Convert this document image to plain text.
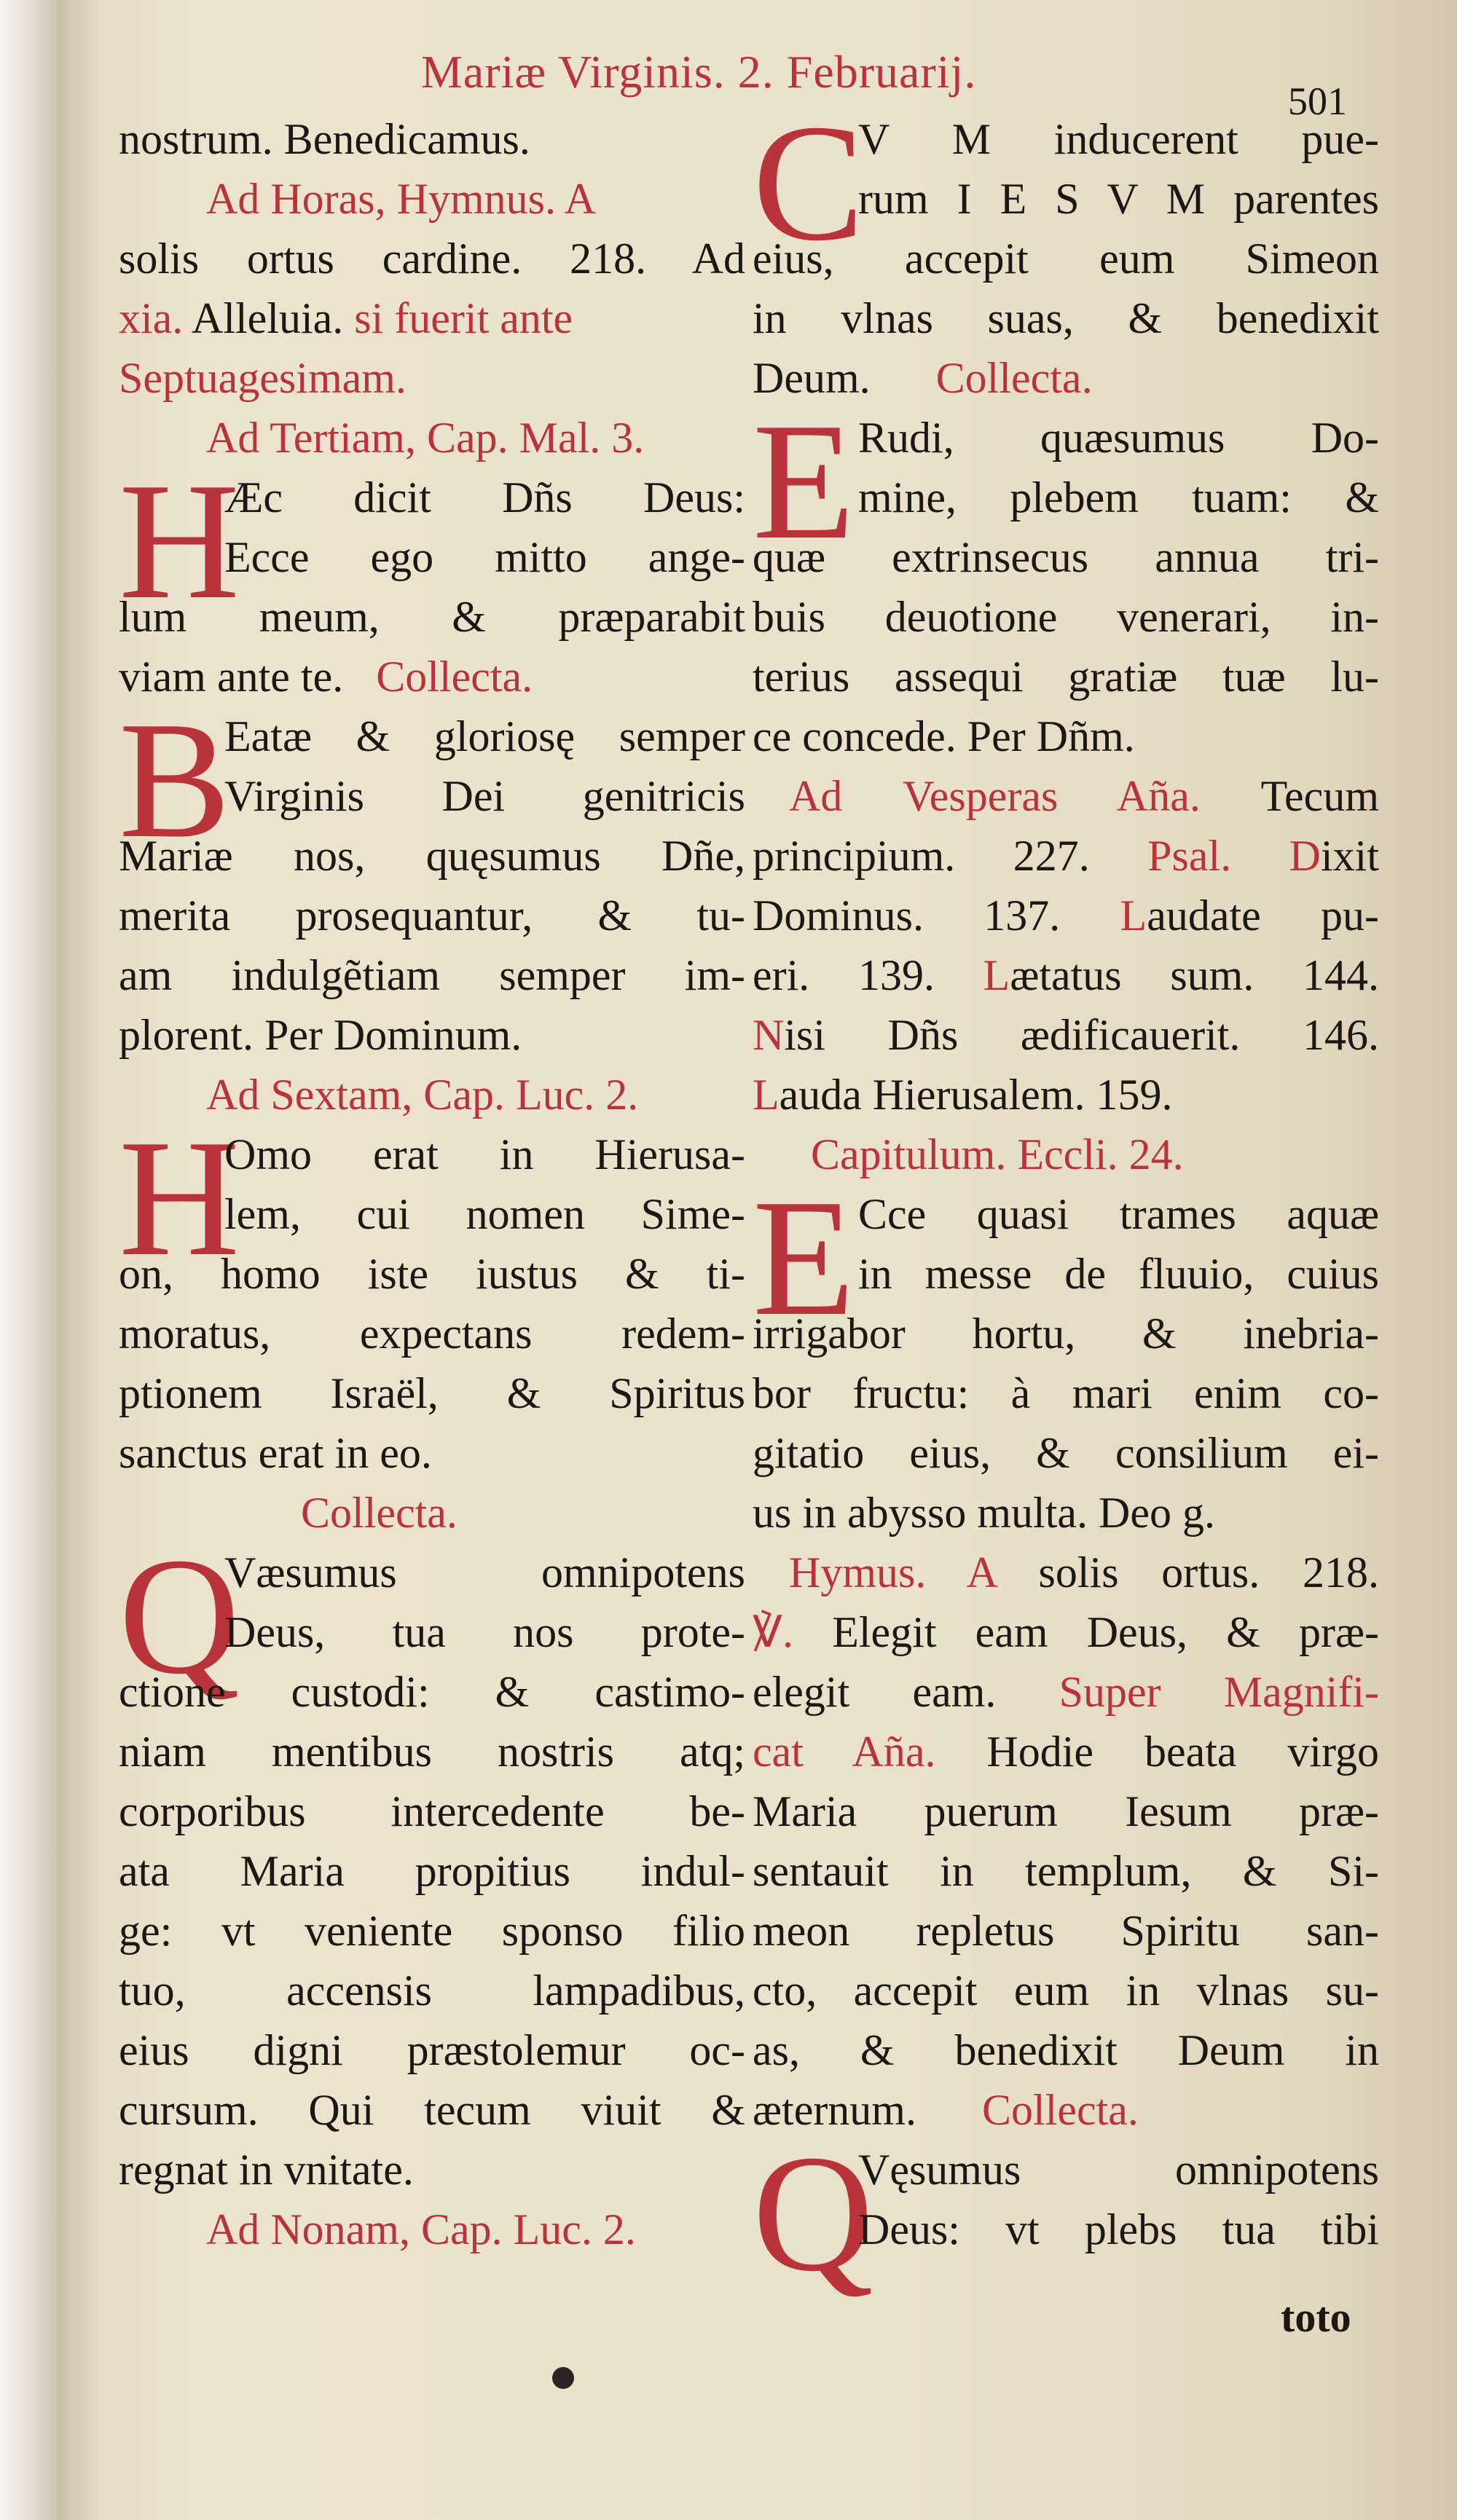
Mariæ Virginis. 2. Februarij.
501
nostrum. Benedicamus.
Ad Horas, Hymnus. A
solis ortus cardine. 218. Ad
xia. Alleluia. si fuerit ante
Septuagesimam.
Ad Tertiam, Cap. Mal. 3.
H
Æc dicit Dñs Deus:
Ecce ego mitto ange-
lum meum, & præparabit
viam ante te. Collecta.
B
Eatæ & gloriosę semper
Virginis Dei genitricis
Mariæ nos, quęsumus Dñe,
merita prosequantur, & tu-
am indulgẽtiam semper im-
plorent. Per Dominum.
Ad Sextam, Cap. Luc. 2.
H
Omo erat in Hierusa-
lem, cui nomen Sime-
on, homo iste iustus & ti-
moratus, expectans redem-
ptionem Israël, & Spiritus
sanctus erat in eo.
Collecta.
Q
Væsumus omnipotens
Deus, tua nos prote-
ctione custodi: & castimo-
niam mentibus nostris atq;
corporibus intercedente be-
ata Maria propitius indul-
ge: vt veniente sponso filio
tuo, accensis lampadibus,
eius digni præstolemur oc-
cursum. Qui tecum viuit &
regnat in vnitate.
Ad Nonam, Cap. Luc. 2.
C
V M inducerent pue-
rum I E S V M parentes
eius, accepit eum Simeon
in vlnas suas, & benedixit
Deum. Collecta.
E Rudi, quæsumus Do-
mine, plebem tuam: &
quæ extrinsecus annua tri-
buis deuotione venerari, in-
terius assequi gratiæ tuæ lu-
ce concede. Per Dñm.
Ad Vesperas Aña. Tecum
principium. 227. Psal. Dixit
Dominus. 137. Laudate pu-
eri. 139. Lætatus sum. 144.
Nisi Dñs ædificauerit. 146.
Lauda Hierusalem. 159.
Capitulum. Eccli. 24.
E Cce quasi trames aquæ
in messe de fluuio, cuius
irrigabor hortu, & inebria-
bor fructu: à mari enim co-
gitatio eius, & consilium ei-
us in abysso multa. Deo g.
Hymus. A solis ortus. 218.
℣. Elegit eam Deus, & præ-
elegit eam. Super Magnifi-
cat Aña. Hodie beata virgo
Maria puerum Iesum præ-
sentauit in templum, & Si-
meon repletus Spiritu san-
cto, accepit eum in vlnas su-
as, & benedixit Deum in
æternum. Collecta.
Q
Vęsumus omnipotens
Deus: vt plebs tua tibi
toto
